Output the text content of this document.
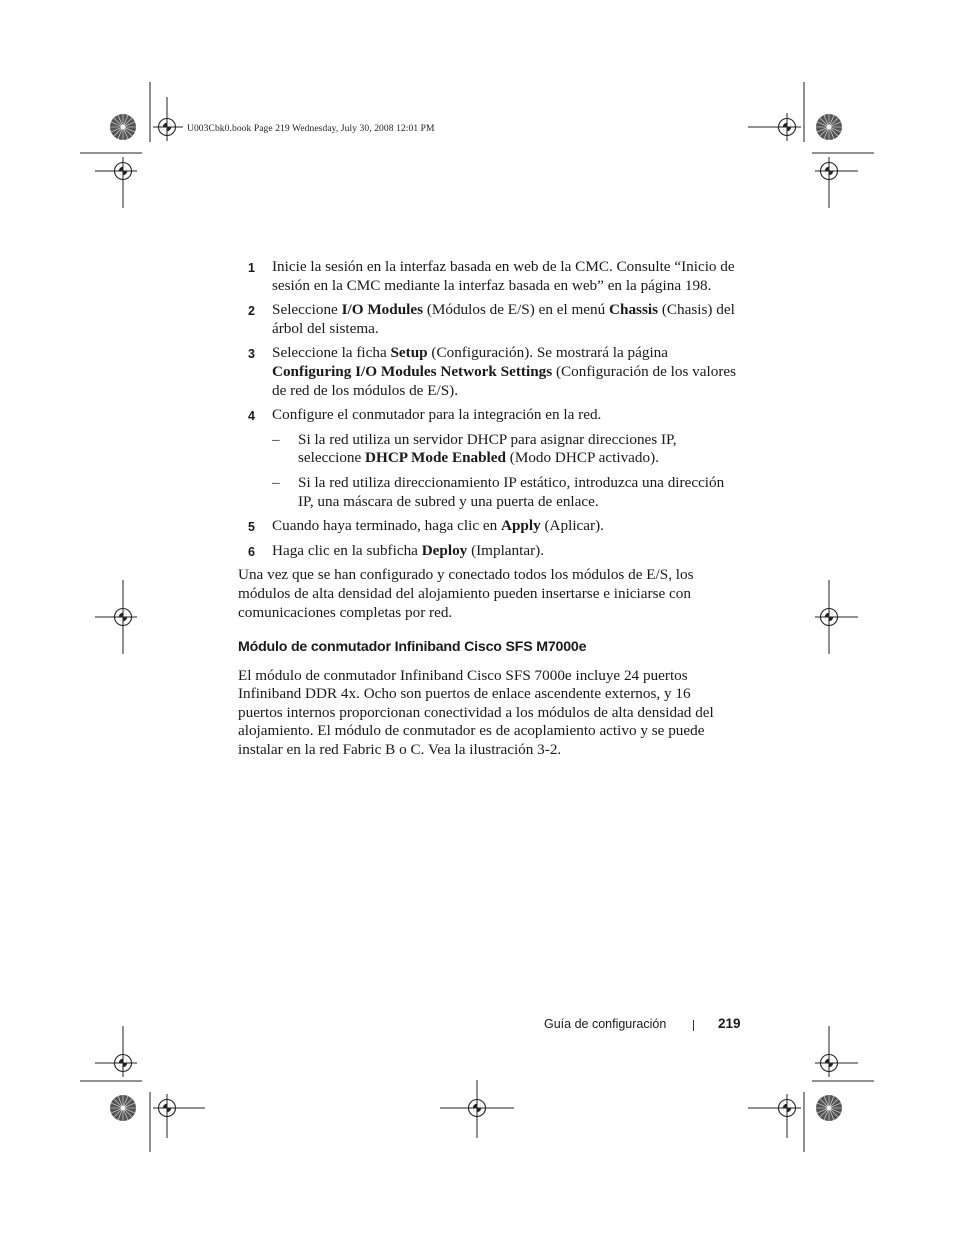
U003Cbk0.book Page 219 Wednesday, July 30, 2008 12:01 PM
1 Inicie la sesión en la interfaz basada en web de la CMC. Consulte “Inicio de sesión en la CMC mediante la interfaz basada en web” en la página 198.
2 Seleccione I/O Modules (Módulos de E/S) en el menú Chassis (Chasis) del árbol del sistema.
3 Seleccione la ficha Setup (Configuración). Se mostrará la página Configuring I/O Modules Network Settings (Configuración de los valores de red de los módulos de E/S).
4 Configure el conmutador para la integración en la red.
– Si la red utiliza un servidor DHCP para asignar direcciones IP, seleccione DHCP Mode Enabled (Modo DHCP activado).
– Si la red utiliza direccionamiento IP estático, introduzca una dirección IP, una máscara de subred y una puerta de enlace.
5 Cuando haya terminado, haga clic en Apply (Aplicar).
6 Haga clic en la subficha Deploy (Implantar).
Una vez que se han configurado y conectado todos los módulos de E/S, los módulos de alta densidad del alojamiento pueden insertarse e iniciarse con comunicaciones completas por red.
Módulo de conmutador Infiniband Cisco SFS M7000e
El módulo de conmutador Infiniband Cisco SFS 7000e incluye 24 puertos Infiniband DDR 4x. Ocho son puertos de enlace ascendente externos, y 16 puertos internos proporcionan conectividad a los módulos de alta densidad del alojamiento. El módulo de conmutador es de acoplamiento activo y se puede instalar en la red Fabric B o C. Vea la ilustración 3-2.
Guía de configuración	219
